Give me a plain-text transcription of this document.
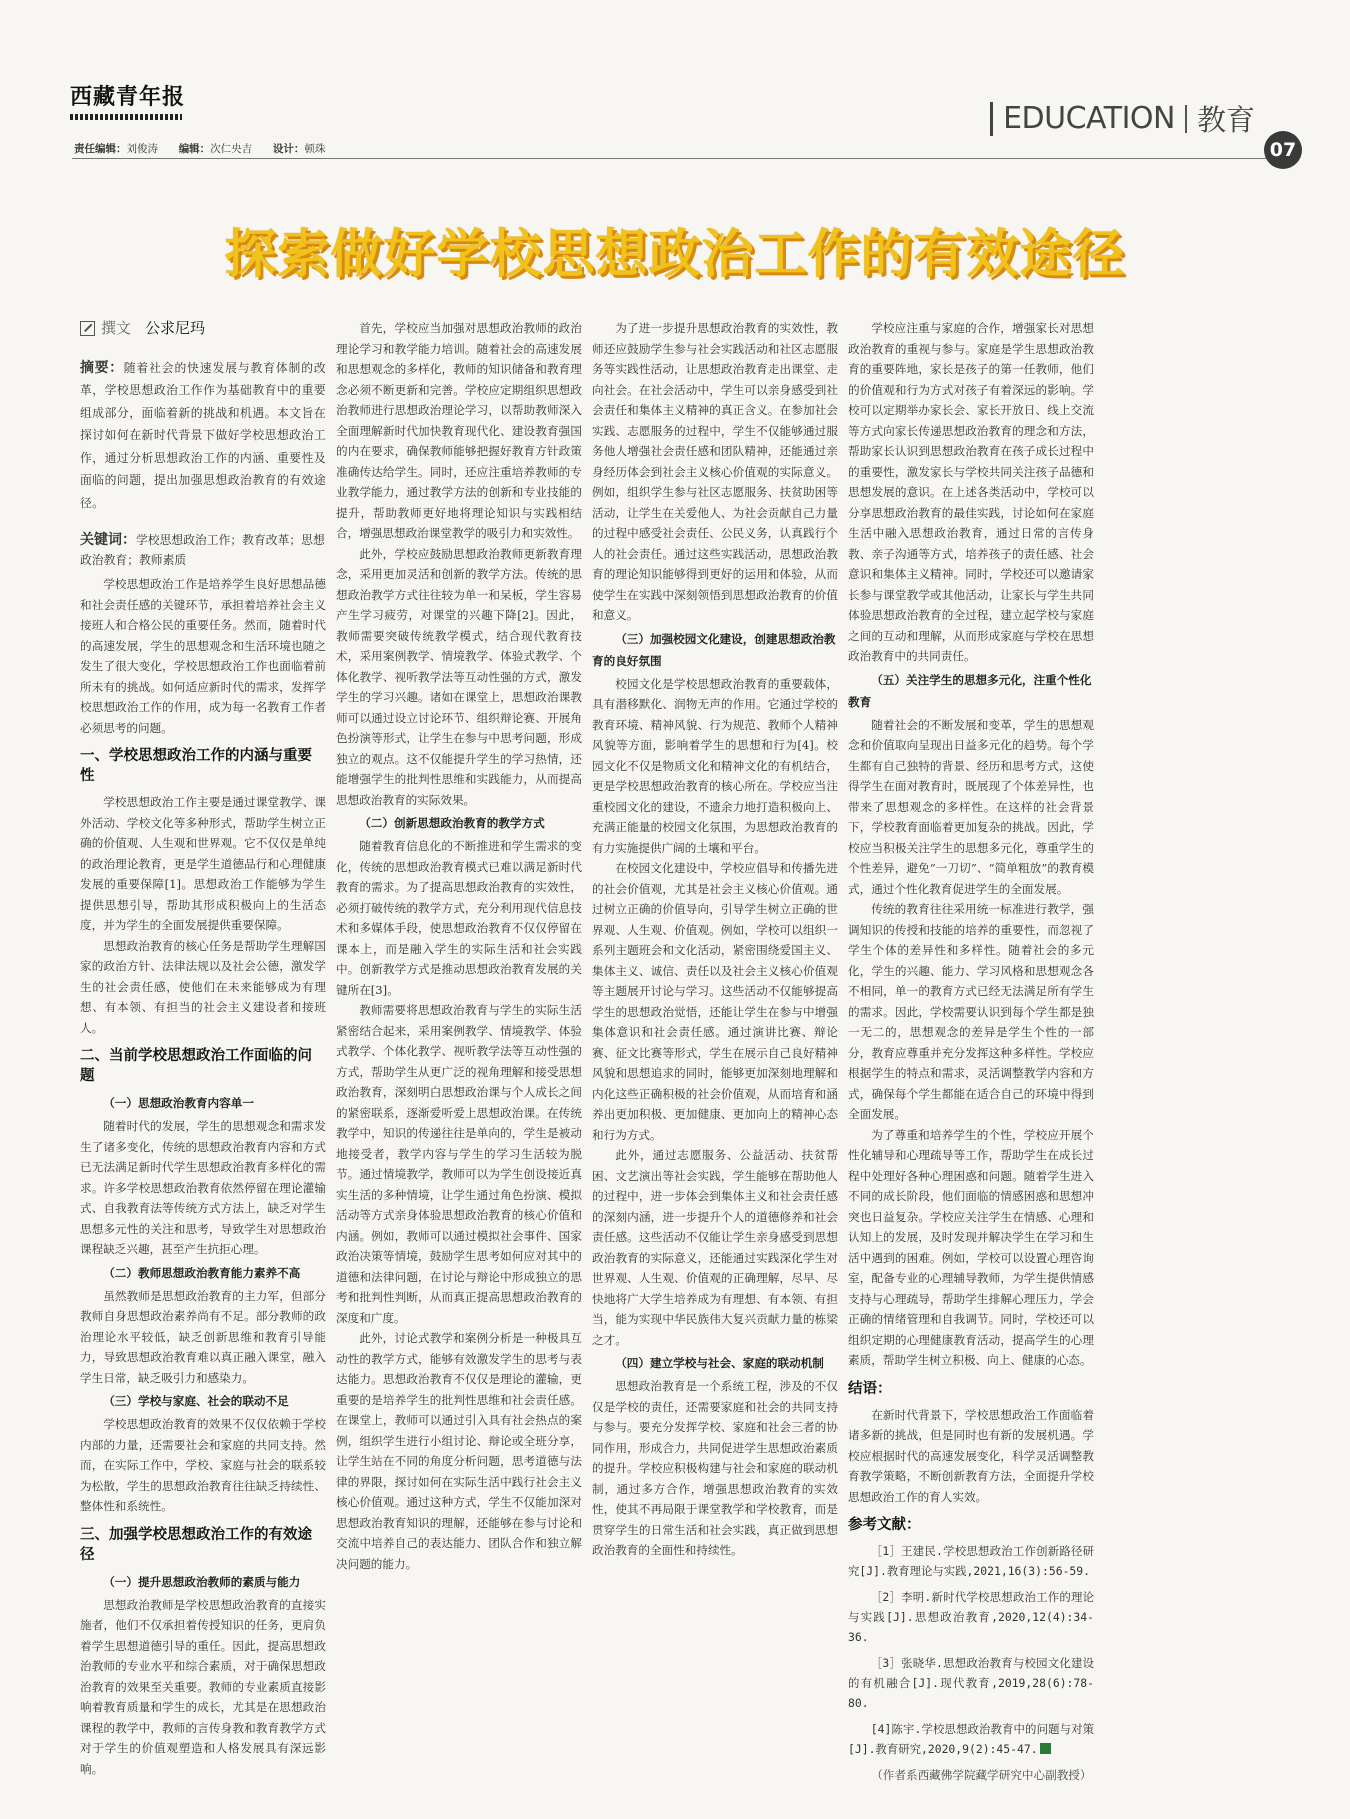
西藏青年报
责任编辑：刘俊涛 编辑：次仁央吉 设计：顿珠
EDUCATION 教育
07
探索做好学校思想政治工作的有效途径
撰文 公求尼玛
摘要：随着社会的快速发展与教育体制的改革，学校思想政治工作作为基础教育中的重要组成部分，面临着新的挑战和机遇。本文旨在探讨如何在新时代背景下做好学校思想政治工作，通过分析思想政治工作的内涵、重要性及面临的问题，提出加强思想政治教育的有效途径。
关键词：学校思想政治工作；教育改革；思想政治教育；教师素质

学校思想政治工作是培养学生良好思想品德和社会责任感的关键环节，承担着培养社会主义接班人和合格公民的重要任务。然而，随着时代的高速发展，学生的思想观念和生活环境也随之发生了很大变化，学校思想政治工作也面临着前所未有的挑战。如何适应新时代的需求，发挥学校思想政治工作的作用，成为每一名教育工作者必须思考的问题。

一、学校思想政治工作的内涵与重要性

学校思想政治工作主要是通过课堂教学、课外活动、学校文化等多种形式，帮助学生树立正确的价值观、人生观和世界观。它不仅仅是单纯的政治理论教育，更是学生道德品行和心理健康发展的重要保障[1]。思想政治工作能够为学生提供思想引导，帮助其形成积极向上的生活态度，并为学生的全面发展提供重要保障。

思想政治教育的核心任务是帮助学生理解国家的政治方针、法律法规以及社会公德，激发学生的社会责任感，使他们在未来能够成为有理想、有本领、有担当的社会主义建设者和接班人。

二、当前学校思想政治工作面临的问题
（一）思想政治教育内容单一

随着时代的发展，学生的思想观念和需求发生了诸多变化，传统的思想政治教育内容和方式已无法满足新时代学生思想政治教育多样化的需求。许多学校思想政治教育依然停留在理论灌输式、自我教育法等传统方式方法上，缺乏对学生思想多元性的关注和思考，导致学生对思想政治课程缺乏兴趣，甚至产生抗拒心理。

（二）教师思想政治教育能力素养不高

虽然教师是思想政治教育的主力军，但部分教师自身思想政治素养尚有不足。部分教师的政治理论水平较低，缺乏创新思维和教育引导能力，导致思想政治教育难以真正融入课堂，融入学生日常，缺乏吸引力和感染力。

（三）学校与家庭、社会的联动不足

学校思想政治教育的效果不仅仅依赖于学校内部的力量，还需要社会和家庭的共同支持。然而，在实际工作中，学校、家庭与社会的联系较为松散，学生的思想政治教育往往缺乏持续性、整体性和系统性。

三、加强学校思想政治工作的有效途径
（一）提升思想政治教师的素质与能力

思想政治教师是学校思想政治教育的直接实施者，他们不仅承担着传授知识的任务，更肩负着学生思想道德引导的重任。因此，提高思想政治教师的专业水平和综合素质，对于确保思想政治教育的效果至关重要。教师的专业素质直接影响着教育质量和学生的成长，尤其是在思想政治课程的教学中，教师的言传身教和教育教学方式对于学生的价值观塑造和人格发展具有深远影响。

首先，学校应当加强对思想政治教师的政治理论学习和教学能力培训。随着社会的高速发展和思想观念的多样化，教师的知识储备和教育理念必须不断更新和完善。学校应定期组织思想政治教师进行思想政治理论学习，以帮助教师深入全面理解新时代加快教育现代化、建设教育强国的内在要求，确保教师能够把握好教育方针政策准确传达给学生。同时，还应注重培养教师的专业教学能力，通过教学方法的创新和专业技能的提升，帮助教师更好地将理论知识与实践相结合，增强思想政治课堂教学的吸引力和实效性。

此外，学校应鼓励思想政治教师更新教育理念，采用更加灵活和创新的教学方法。传统的思想政治教学方式往往较为单一和呆板，学生容易产生学习疲劳，对课堂的兴趣下降[2]。因此，教师需要突破传统教学模式，结合现代教育技术，采用案例教学、情境教学、体验式教学、个体化教学、视听教学法等互动性强的方式，激发学生的学习兴趣。诸如在课堂上，思想政治课教师可以通过设立讨论环节、组织辩论赛、开展角色扮演等形式，让学生在参与中思考问题，形成独立的观点。这不仅能提升学生的学习热情，还能增强学生的批判性思维和实践能力，从而提高思想政治教育的实际效果。

（二）创新思想政治教育的教学方式

随着教育信息化的不断推进和学生需求的变化，传统的思想政治教育模式已难以满足新时代教育的需求。为了提高思想政治教育的实效性，必须打破传统的教学方式，充分利用现代信息技术和多媒体手段，使思想政治教育不仅仅停留在课本上，而是融入学生的实际生活和社会实践中。创新教学方式是推动思想政治教育发展的关键所在[3]。

教师需要将思想政治教育与学生的实际生活紧密结合起来，采用案例教学、情境教学、体验式教学、个体化教学、视听教学法等互动性强的方式，帮助学生从更广泛的视角理解和接受思想政治教育，深刻明白思想政治课与个人成长之间的紧密联系，逐渐爱听爱上思想政治课。在传统教学中，知识的传递往往是单向的，学生是被动地接受者，教学内容与学生的学习生活较为脱节。通过情境教学，教师可以为学生创设接近真实生活的多种情境，让学生通过角色扮演、模拟活动等方式亲身体验思想政治教育的核心价值和内涵。例如，教师可以通过模拟社会事件、国家政治决策等情境，鼓励学生思考如何应对其中的道德和法律问题，在讨论与辩论中形成独立的思考和批判性判断，从而真正提高思想政治教育的深度和广度。

此外，讨论式教学和案例分析是一种极具互动性的教学方式，能够有效激发学生的思考与表达能力。思想政治教育不仅仅是理论的灌输，更重要的是培养学生的批判性思维和社会责任感。在课堂上，教师可以通过引入具有社会热点的案例，组织学生进行小组讨论、辩论或全班分享，让学生站在不同的角度分析问题，思考道德与法律的界限，探讨如何在实际生活中践行社会主义核心价值观。通过这种方式，学生不仅能加深对思想政治教育知识的理解，还能够在参与讨论和交流中培养自己的表达能力、团队合作和独立解决问题的能力。

为了进一步提升思想政治教育的实效性，教师还应鼓励学生参与社会实践活动和社区志愿服务等实践性活动，让思想政治教育走出课堂、走向社会。在社会活动中，学生可以亲身感受到社会责任和集体主义精神的真正含义。在参加社会实践、志愿服务的过程中，学生不仅能够通过服务他人增强社会责任感和团队精神，还能通过亲身经历体会到社会主义核心价值观的实际意义。例如，组织学生参与社区志愿服务、扶贫助困等活动，让学生在关爱他人、为社会贡献自己力量的过程中感受社会责任、公民义务，认真践行个人的社会责任。通过这些实践活动，思想政治教育的理论知识能够得到更好的运用和体验，从而使学生在实践中深刻领悟到思想政治教育的价值和意义。

（三）加强校园文化建设，创建思想政治教育的良好氛围

校园文化是学校思想政治教育的重要载体，具有潜移默化、润物无声的作用。它通过学校的教育环境、精神风貌、行为规范、教师个人精神风貌等方面，影响着学生的思想和行为[4]。校园文化不仅是物质文化和精神文化的有机结合，更是学校思想政治教育的核心所在。学校应当注重校园文化的建设，不遗余力地打造积极向上、充满正能量的校园文化氛围，为思想政治教育的有力实施提供广阔的土壤和平台。

在校园文化建设中，学校应倡导和传播先进的社会价值观，尤其是社会主义核心价值观。通过树立正确的价值导向，引导学生树立正确的世界观、人生观、价值观。例如，学校可以组织一系列主题班会和文化活动，紧密围绕爱国主义、集体主义、诚信、责任以及社会主义核心价值观等主题展开讨论与学习。这些活动不仅能够提高学生的思想政治觉悟，还能让学生在参与中增强集体意识和社会责任感。通过演讲比赛、辩论赛、征文比赛等形式，学生在展示自己良好精神风貌和思想追求的同时，能够更加深刻地理解和内化这些正确积极的社会价值观，从而培育和涵养出更加积极、更加健康、更加向上的精神心态和行为方式。

此外，通过志愿服务、公益活动、扶贫帮困、文艺演出等社会实践，学生能够在帮助他人的过程中，进一步体会到集体主义和社会责任感的深刻内涵，进一步提升个人的道德修养和社会责任感。这些活动不仅能让学生亲身感受到思想政治教育的实际意义，还能通过实践深化学生对世界观、人生观、价值观的正确理解，尽早、尽快地将广大学生培养成为有理想、有本领、有担当，能为实现中华民族伟大复兴贡献力量的栋梁之才。

（四）建立学校与社会、家庭的联动机制

思想政治教育是一个系统工程，涉及的不仅仅是学校的责任，还需要家庭和社会的共同支持与参与。要充分发挥学校、家庭和社会三者的协同作用，形成合力，共同促进学生思想政治素质的提升。学校应积极构建与社会和家庭的联动机制，通过多方合作，增强思想政治教育的实效性，使其不再局限于课堂教学和学校教育，而是贯穿学生的日常生活和社会实践，真正做到思想政治教育的全面性和持续性。

学校应注重与家庭的合作，增强家长对思想政治教育的重视与参与。家庭是学生思想政治教育的重要阵地，家长是孩子的第一任教师，他们的价值观和行为方式对孩子有着深远的影响。学校可以定期举办家长会、家长开放日、线上交流等方式向家长传递思想政治教育的理念和方法，帮助家长认识到思想政治教育在孩子成长过程中的重要性，激发家长与学校共同关注孩子品德和思想发展的意识。在上述各类活动中，学校可以分享思想政治教育的最佳实践，讨论如何在家庭生活中融入思想政治教育，通过日常的言传身教、亲子沟通等方式，培养孩子的责任感、社会意识和集体主义精神。同时，学校还可以邀请家长参与课堂教学或其他活动，让家长与学生共同体验思想政治教育的全过程，建立起学校与家庭之间的互动和理解，从而形成家庭与学校在思想政治教育中的共同责任。

（五）关注学生的思想多元化，注重个性化教育

随着社会的不断发展和变革，学生的思想观念和价值取向呈现出日益多元化的趋势。每个学生都有自己独特的背景、经历和思考方式，这使得学生在面对教育时，既展现了个体差异性，也带来了思想观念的多样性。在这样的社会背景下，学校教育面临着更加复杂的挑战。因此，学校应当积极关注学生的思想多元化，尊重学生的个性差异，避免“一刀切”、“简单粗放”的教育模式，通过个性化教育促进学生的全面发展。

传统的教育往往采用统一标准进行教学，强调知识的传授和技能的培养的重要性，而忽视了学生个体的差异性和多样性。随着社会的多元化，学生的兴趣、能力、学习风格和思想观念各不相同，单一的教育方式已经无法满足所有学生的需求。因此，学校需要认识到每个学生都是独一无二的，思想观念的差异是学生个性的一部分，教育应尊重并充分发挥这种多样性。学校应根据学生的特点和需求，灵活调整教学内容和方式，确保每个学生都能在适合自己的环境中得到全面发展。

为了尊重和培养学生的个性，学校应开展个性化辅导和心理疏导等工作，帮助学生在成长过程中处理好各种心理困惑和问题。随着学生进入不同的成长阶段，他们面临的情感困惑和思想冲突也日益复杂。学校应关注学生在情感、心理和认知上的发展，及时发现并解决学生在学习和生活中遇到的困难。例如，学校可以设置心理咨询室，配备专业的心理辅导教师，为学生提供情感支持与心理疏导，帮助学生排解心理压力，学会正确的情绪管理和自我调节。同时，学校还可以组织定期的心理健康教育活动，提高学生的心理素质，帮助学生树立积极、向上、健康的心态。

结语：

在新时代背景下，学校思想政治工作面临着诸多新的挑战，但是同时也有新的发展机遇。学校应根据时代的高速发展变化，科学灵活调整教育教学策略，不断创新教育方法，全面提升学校思想政治工作的育人实效。

参考文献：

［1］王建民.学校思想政治工作创新路径研究[J].教育理论与实践,2021,16(3):56-59.

［2］李明.新时代学校思想政治工作的理论与实践[J].思想政治教育,2020,12(4):34-36.

［3］张晓华.思想政治教育与校园文化建设的有机融合[J].现代教育,2019,28(6):78-80.

[4]陈宇.学校思想政治教育中的问题与对策[J].教育研究,2020,9(2):45-47.

（作者系西藏佛学院藏学研究中心副教授）
